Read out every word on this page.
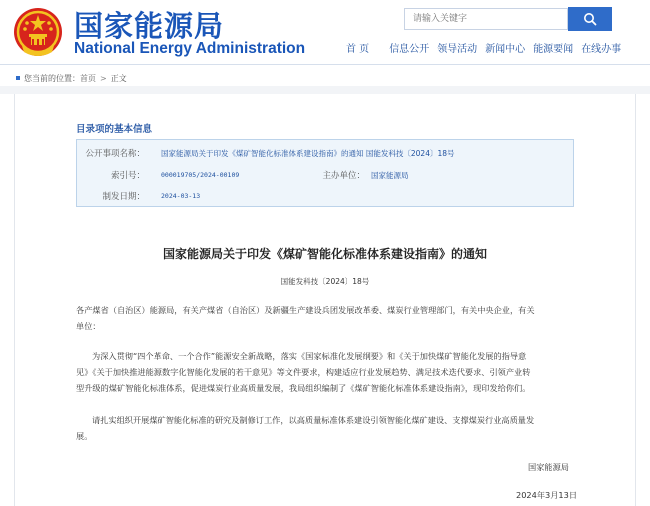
国家能源局
National Energy Administration
请输入关键字	首 页 信息公开 领导活动 新闻中心 能源要闻 在线办事
您当前的位置： 首页 > 正文
目录项的基本信息
公开事项名称： 国家能源局关于印发《煤矿智能化标准体系建设指南》的通知 国能发科技〔2024〕18号
索引号： 000019705/2024-00109	主办单位： 国家能源局
制发日期： 2024-03-13
国家能源局关于印发《煤矿智能化标准体系建设指南》的通知
国能发科技〔2024〕18号
各产煤省（自治区）能源局，有关产煤省（自治区）及新疆生产建设兵团发展改革委、煤炭行业管理部门，有关中央企业，有关
单位：
为深入贯彻“四个革命、一个合作”能源安全新战略，落实《国家标准化发展纲要》和《关于加快煤矿智能化发展的指导意
见》《关于加快推进能源数字化智能化发展的若干意见》等文件要求，构建适应行业发展趋势、满足技术迭代要求、引领产业转
型升级的煤矿智能化标准体系，促进煤炭行业高质量发展，我局组织编制了《煤矿智能化标准体系建设指南》，现印发给你们。
请扎实组织开展煤矿智能化标准的研究及制修订工作，以高质量标准体系建设引领智能化煤矿建设、支撑煤炭行业高质量发
展。
国家能源局
2024年3月13日
